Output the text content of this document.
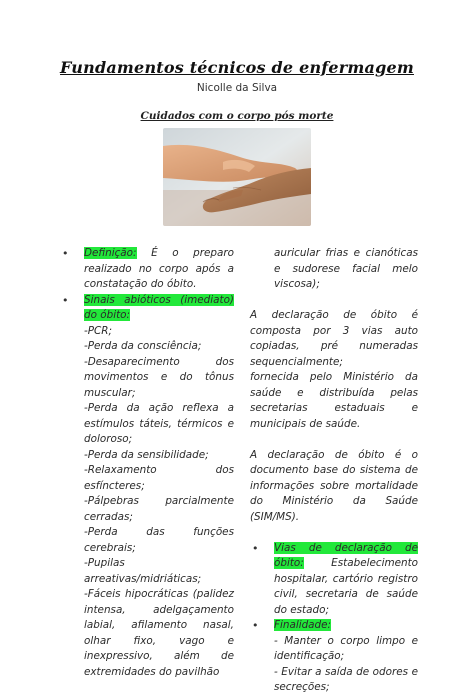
Fundamentos técnicos de enfermagem
Nicolle da Silva
Cuidados com o corpo pós morte
• Definição: É o preparo realizado no corpo após a constatação do óbito.
• Sinais abióticos (imediato) do óbito:
-PCR;
-Perda da consciência;
-Desaparecimento dos movimentos e do tônus muscular;
-Perda da ação reflexa a estímulos táteis, térmicos e doloroso;
-Perda da sensibilidade;
-Relaxamento dos esfíncteres;
-Pálpebras parcialmente cerradas;
-Perda das funções cerebrais;
-Pupilas arreativas/midriáticas;
-Fáceis hipocráticas (palidez intensa, adelgaçamento labial, afilamento nasal, olhar fixo, vago e inexpressivo, além de extremidades do pavilhão
auricular frias e cianóticas e sudorese facial melo viscosa);
A declaração de óbito é composta por 3 vias auto copiadas, pré numeradas sequencialmente;
fornecida pelo Ministério da saúde e distribuída pelas secretarias estaduais e municipais de saúde.
A declaração de óbito é o documento base do sistema de informações sobre mortalidade do Ministério da Saúde (SIM/MS).
• Vias de declaração de óbito: Estabelecimento hospitalar, cartório registro civil, secretaria de saúde do estado;
• Finalidade:
- Manter o corpo limpo e identificação;
- Evitar a saída de odores e secreções;
